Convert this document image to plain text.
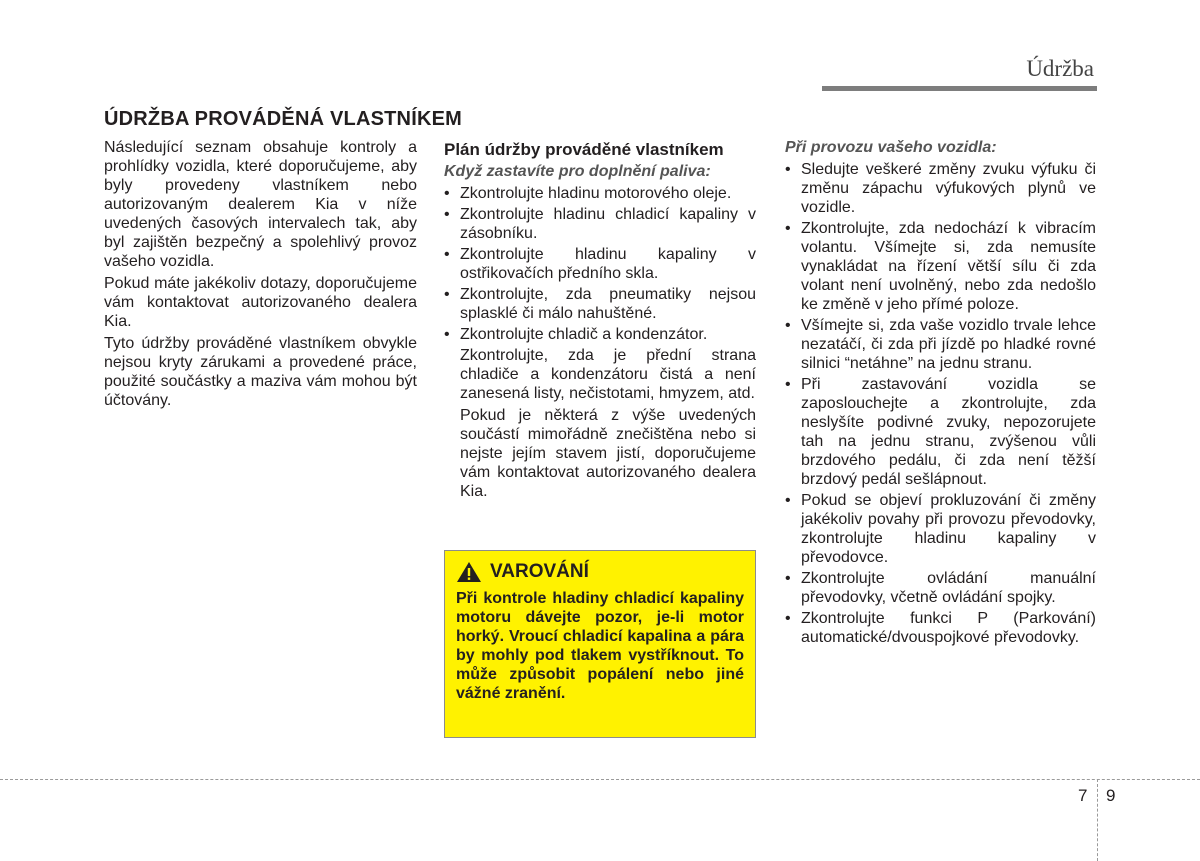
Údržba
ÚDRŽBA PROVÁDĚNÁ VLASTNÍKEM

Následující seznam obsahuje kontroly a prohlídky vozidla, které doporučujeme, aby byly provedeny vlastníkem nebo autorizovaným dealerem Kia v níže uvedených časových intervalech tak, aby byl zajištěn bezpečný a spolehlivý provoz vašeho vozidla.

Pokud máte jakékoliv dotazy, doporučujeme vám kontaktovat autorizovaného dealera Kia.

Tyto údržby prováděné vlastníkem obvykle nejsou kryty zárukami a provedené práce, použité součástky a maziva vám mohou být účtovány.

Plán údržby prováděné vlastníkem
Když zastavíte pro doplnění paliva:
• Zkontrolujte hladinu motorového oleje.
• Zkontrolujte hladinu chladicí kapaliny v zásobníku.
• Zkontrolujte hladinu kapaliny v ostřikovačích předního skla.
• Zkontrolujte, zda pneumatiky nejsou splasklé či málo nahuštěné.
• Zkontrolujte chladič a kondenzátor.

Zkontrolujte, zda je přední strana chladiče a kondenzátoru čistá a není zanesená listy, nečistotami, hmyzem, atd.

Pokud je některá z výše uvedených součástí mimořádně znečištěna nebo si nejste jejím stavem jistí, doporučujeme vám kontaktovat autorizovaného dealera Kia.

VAROVÁNÍ
Při kontrole hladiny chladicí kapaliny motoru dávejte pozor, je-li motor horký. Vroucí chladicí kapalina a pára by mohly pod tlakem vystříknout. To může způsobit popálení nebo jiné vážné zranění.
Při provozu vašeho vozidla:
• Sledujte veškeré změny zvuku výfuku či změnu zápachu výfukových plynů ve vozidle.
• Zkontrolujte, zda nedochází k vibracím volantu. Všímejte si, zda nemusíte vynakládat na řízení větší sílu či zda volant není uvolněný, nebo zda nedošlo ke změně v jeho přímé poloze.
• Všímejte si, zda vaše vozidlo trvale lehce nezatáčí, či zda při jízdě po hladké rovné silnici “netáhne” na jednu stranu.
• Při zastavování vozidla se zaposlouchejte a zkontrolujte, zda neslyšíte podivné zvuky, nepozorujete tah na jednu stranu, zvýšenou vůli brzdového pedálu, či zda není těžší brzdový pedál sešlápnout.
• Pokud se objeví prokluzování či změny jakékoliv povahy při provozu převodovky, zkontrolujte hladinu kapaliny v převodovce.
• Zkontrolujte ovládání manuální převodovky, včetně ovládání spojky.
• Zkontrolujte funkci P (Parkování) automatické/dvouspojkové převodovky.
7 9
